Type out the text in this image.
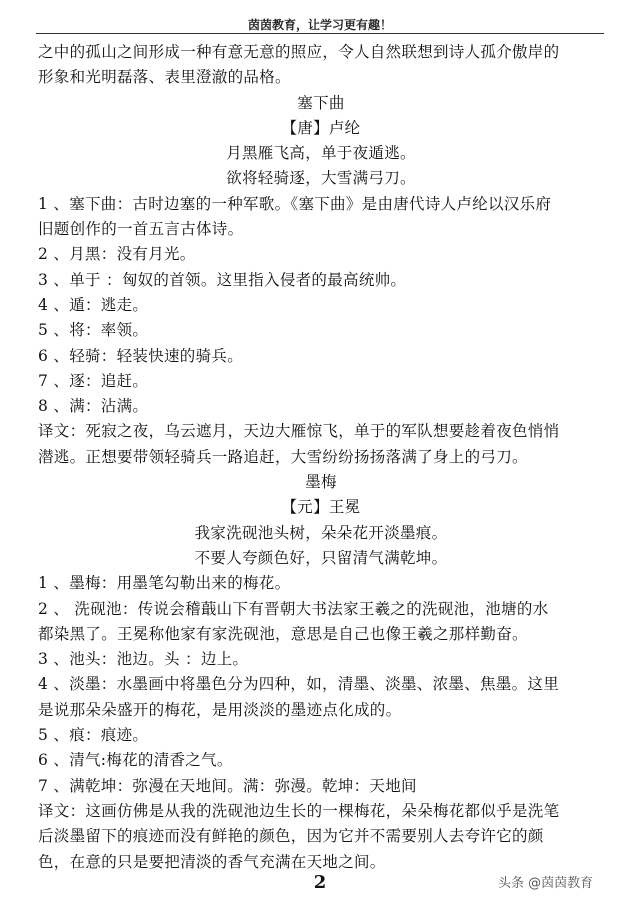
茵茵教育，让学习更有趣！

之中的孤山之间形成一种有意无意的照应，令人自然联想到诗人孤介傲岸的

形象和光明磊落、表里澄澈的品格。

塞下曲

【唐】卢纶

月黑雁飞高，单于夜遁逃。

欲将轻骑逐，大雪满弓刀。

1 、塞下曲：古时边塞的一种军歌。《塞下曲》是由唐代诗人卢纶以汉乐府

旧题创作的一首五言古体诗。

2 、月黑：没有月光。

3 、单于 ：匈奴的首领。这里指入侵者的最高统帅。

4 、遁：逃走。

5 、将：率领。

6 、轻骑：轻装快速的骑兵。

7 、逐：追赶。

8 、满：沾满。

译文：死寂之夜，乌云遮月，天边大雁惊飞，单于的军队想要趁着夜色悄悄

潜逃。正想要带领轻骑兵一路追赶，大雪纷纷扬扬落满了身上的弓刀。

墨梅

【元】王冕

我家洗砚池头树，朵朵花开淡墨痕。

不要人夸颜色好，只留清气满乾坤。

1 、墨梅：用墨笔勾勒出来的梅花。

2 、 洗砚池：传说会稽蕺山下有晋朝大书法家王羲之的洗砚池，池塘的水

都染黑了。王冕称他家有家洗砚池，意思是自己也像王羲之那样勤奋。

3 、池头：池边。头 ：边上。

4 、淡墨：水墨画中将墨色分为四种，如，清墨、淡墨、浓墨、焦墨。这里

是说那朵朵盛开的梅花，是用淡淡的墨迹点化成的。

5 、痕：痕迹。

6 、清气:梅花的清香之气。

7 、满乾坤：弥漫在天地间。满：弥漫。乾坤：天地间

译文：这画仿佛是从我的洗砚池边生长的一棵梅花，朵朵梅花都似乎是洗笔

后淡墨留下的痕迹而没有鲜艳的颜色，因为它并不需要别人去夸许它的颜

色，在意的只是要把清淡的香气充满在天地之间。

2	头条 @茵茵教育
